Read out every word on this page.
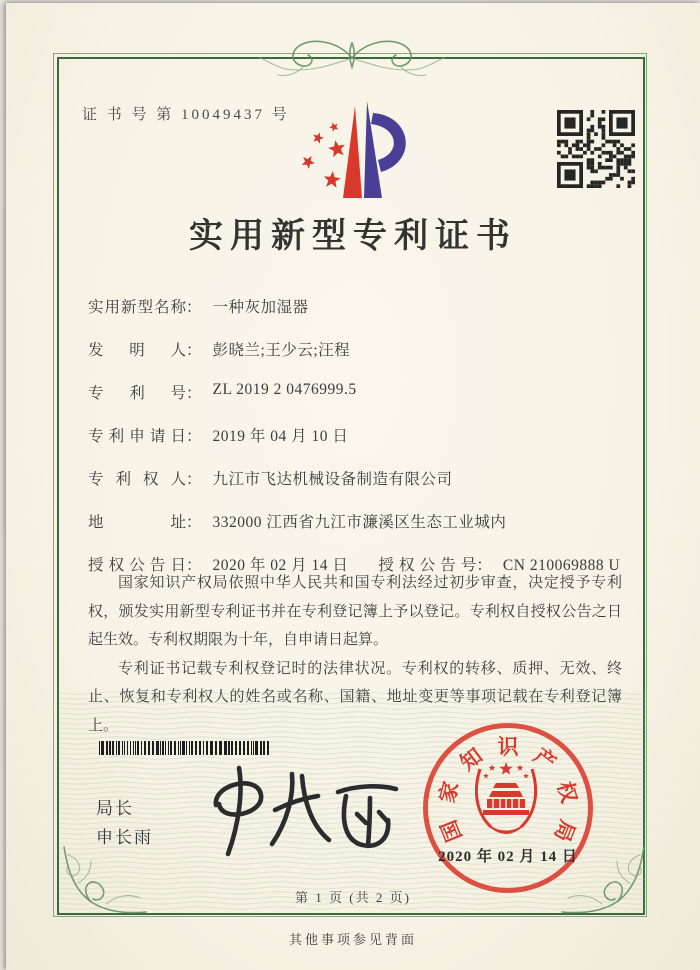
证 书 号 第 10049437 号
实用新型专利证书
实用新型名称： 一种灰加湿器
发明人： 彭晓兰;王少云;汪程
专利号： ZL 2019 2 0476999.5
专利申请日： 2019 年 04 月 10 日
专利权人： 九江市飞达机械设备制造有限公司
地址： 332000 江西省九江市濂溪区生态工业城内
授权公告日： 2020 年 02 月 14 日 授权公告号： CN 210069888 U

国家知识产权局依照中华人民共和国专利法经过初步审查，决定授予专利权，颁发实用新型专利证书并在专利登记簿上予以登记。专利权自授权公告之日起生效。专利权期限为十年，自申请日起算。

专利证书记载专利权登记时的法律状况。专利权的转移、质押、无效、终止、恢复和专利权人的姓名或名称、国籍、地址变更等事项记载在专利登记簿上。

局长
申长雨	国
家
知 识 产
权
局
2020 年 02 月 14 日
第 1 页 (共 2 页)
其他事项参见背面
